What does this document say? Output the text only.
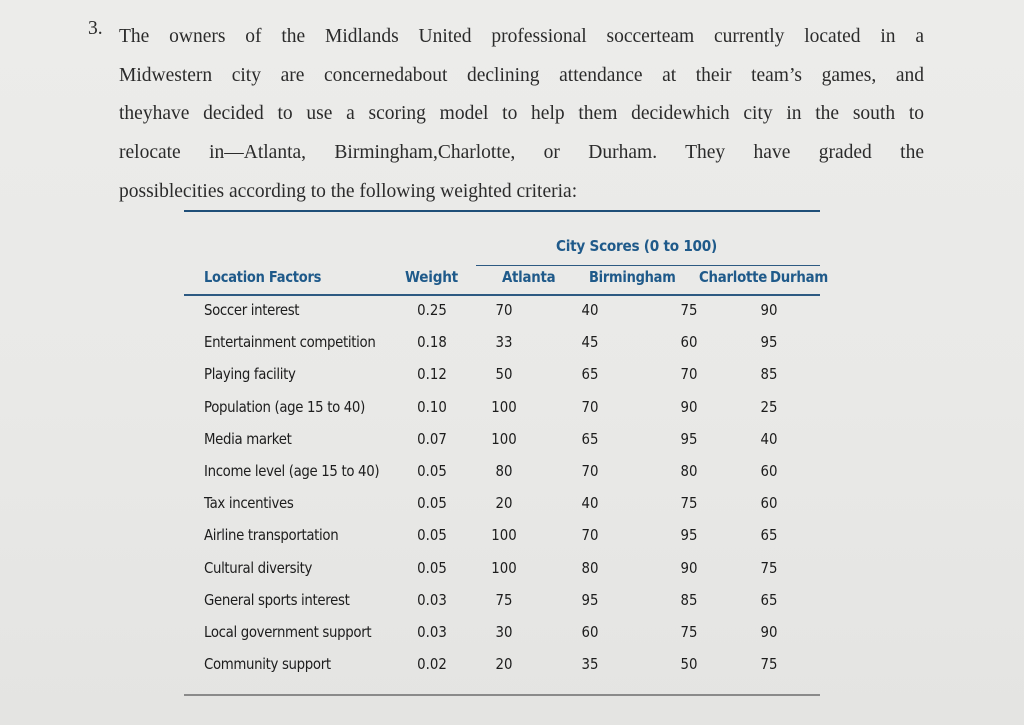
3. The owners of the Midlands United professional soccerteam currently located in a
Midwestern city are concernedabout declining attendance at their team’s games, and
theyhave decided to use a scoring model to help them decidewhich city in the south to
relocate in—Atlanta, Birmingham,Charlotte, or Durham. They have graded the
possiblecities according to the following weighted criteria:
City Scores (0 to 100)
Location Factors	Weight	Atlanta Birmingham Charlotte Durham
Soccer interest	0.25	70	40	75	90
Entertainment competition	0.18	33	45	60	95
Playing facility	0.12	50	65	70	85
Population (age 15 to 40)	0.10	100	70	90	25
Media market	0.07	100	65	95	40
Income level (age 15 to 40) 0.05	80	70	80	60
Tax incentives	0.05	20	40	75	60
Airline transportation	0.05	100	70	95	65
Cultural diversity	0.05	100	80	90	75
General sports interest	0.03	75	95	85	65
Local government support	0.03	30	60	75	90
Community support	0.02	20	35	50	75
